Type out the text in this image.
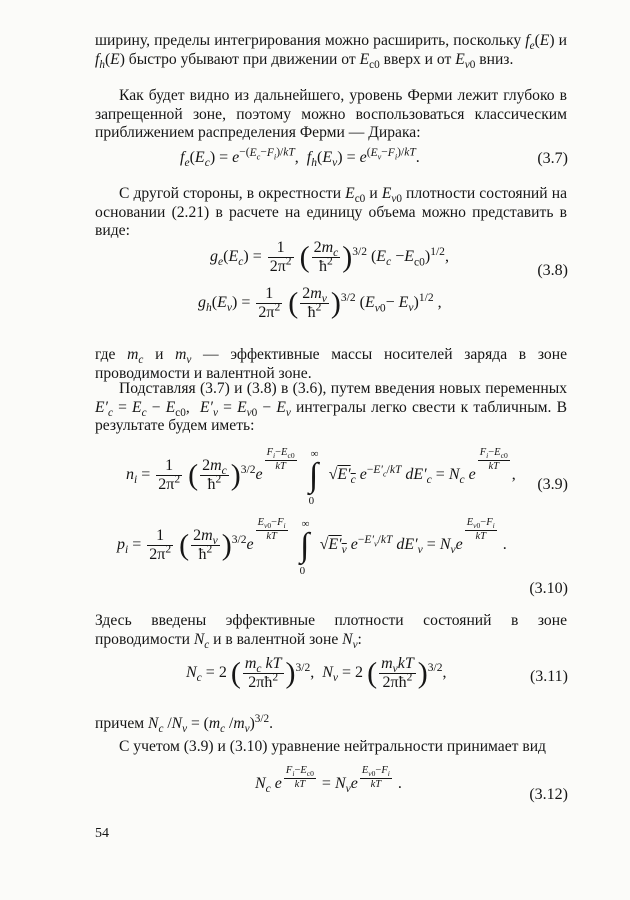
ширину, пределы интегрирования можно расширить, поскольку $f_e(E)$ и $f_h(E)$ быстро убывают при движении от $E_{c0}$ вверх и от $E_{v0}$ вниз.

Как будет видно из дальнейшего, уровень Ферми лежит глубоко в запрещенной зоне, поэтому можно воспользоваться классическим приближением распределения Ферми — Дирака:

$f_e(E_c) = e^{-(E_c-F_i)/kT}$,  $f_h(E_v) = e^{(E_v-F_i)/kT}$.	(3.7)

С другой стороны, в окрестности $E_{c0}$ и $E_{v0}$ плотности состояний на основании (2.21) в расчете на единицу объема можно представить в виде:

$g_e(E_c) = \frac{1}{2\pi^2}$ ( $\frac{2m_c}{ħ^2} )^{3/2}$ $(E_c -E_{c0})^{1/2}$,
(3.8)
$g_h(E_v) = \frac{1}{2\pi^2}$ ( $\frac{2m_v}{ħ^2} )^{3/2}$ $(E_{v0}- E_v)^{1/2}$ ,

где $m_c$ и $m_v$ — эффективные массы носителей заряда в зоне проводимости и валентной зоне.

Подставляя (3.7) и (3.8) в (3.6), путем введения новых переменных $E'_c = E_c - E_{c0}$,  $E'_v = E_{v0} - E_v$ интегралы легко свести к табличным. В результате будем иметь:

$n_i = \frac{1}{2\pi^2}$ ( $\frac{2m_c}{ħ^2} )^{3/2}e$
$\frac{F_i-E_{c0}}{kT}$ ∫
∞
0
$√E'_c$ $e^{-E'_c/kT}$ $dE'_c = N_c$ e
$\frac{F_i-E_{c0}}{kT}$
,
(3.9)
$p_i = \frac{1}{2\pi^2}$ ( $\frac{2m_v}{ħ^2} )^{3/2}e$
$\frac{E_{v0}-F_i}{kT}$ ∫
∞
0
$√E'_v$ $e^{-E'_v/kT}$ $dE'_v = N_ve$
$\frac{E_{v0}-F_i}{kT}$
.
(3.10)

Здесь введены эффективные плотности состояний в зоне проводимости $N_c$ и в валентной зоне $N_v$:

$N_c = 2$ ( $\frac{m_c kT}{2\pi ħ^2} )^{3/2}$,  $N_v = 2$ ( $\frac{m_vkT}{2\pi ħ^2} )^{3/2}$,	(3.11)

причем $N_c$ $/N_v = (m_c$ $/m_v)^{3/2}$.

С учетом (3.9) и (3.10) уравнение нейтральности принимает вид

$N_c$ e $\frac{F_i-E_{c0}}{kT} = N_ve \frac{E_{v0}-F_i}{kT}$ .
(3.12)
54
